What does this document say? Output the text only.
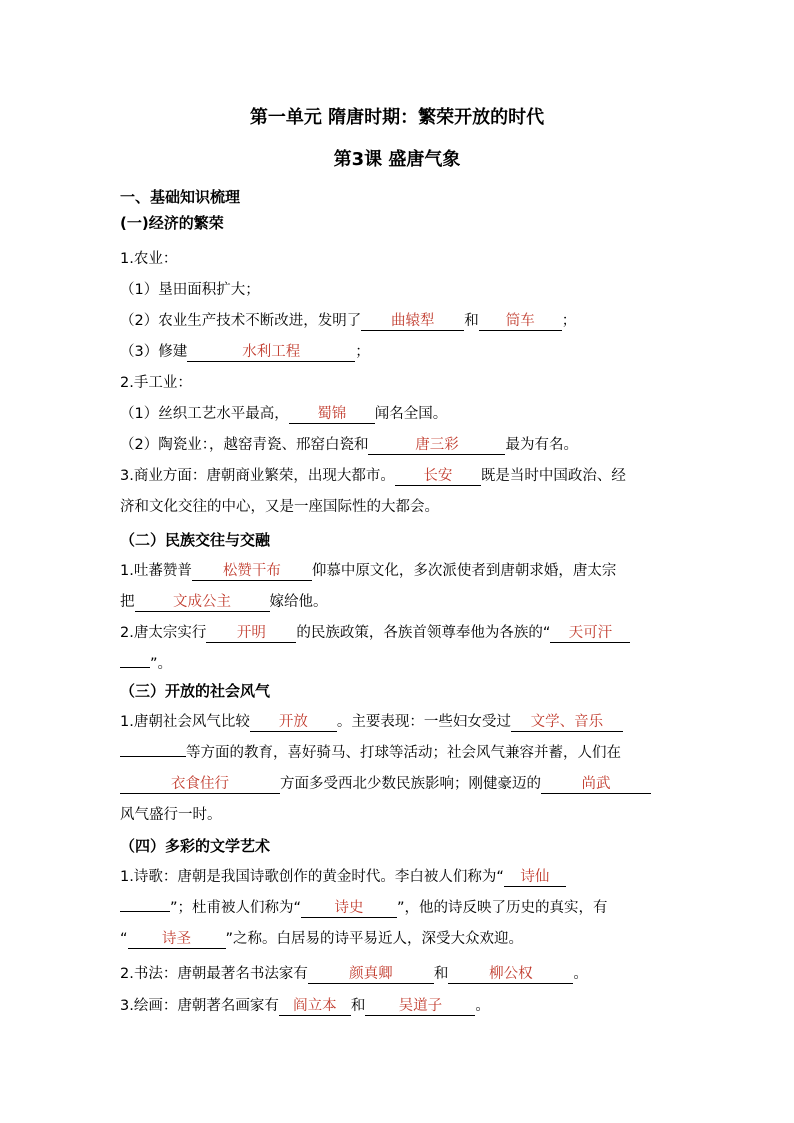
第一单元 隋唐时期：繁荣开放的时代
第3课 盛唐气象
一、基础知识梳理
(一)经济的繁荣
1.农业：
（1）垦田面积扩大；
（2）农业生产技术不断改进，发明了 曲辕犁 和 筒车 ；
（3）修建	水利工程	；
2.手工业：
（1）丝织工艺水平最高， 蜀锦 闻名全国。
（2）陶瓷业：，越窑青瓷、邢窑白瓷和	唐三彩	最为有名。
3.商业方面：唐朝商业繁荣，出现大都市。 长安 既是当时中国政治、经
济和文化交往的中心，又是一座国际性的大都会。
（二）民族交往与交融
1.吐蕃赞普 松赞干布 仰慕中原文化，多次派使者到唐朝求婚，唐太宗
把	文成公主	嫁给他。
2.唐太宗实行 开明 的民族政策，各族首领尊奉他为各族的“ 天可汗
”。
（三）开放的社会风气
1.唐朝社会风气比较 开放 。主要表现：一些妇女受过 文学、音乐
等方面的教育，喜好骑马、打球等活动；社会风气兼容并蓄，人们在
衣食住行	方面多受西北少数民族影响；刚健豪迈的	尚武
风气盛行一时。
（四）多彩的文学艺术
1.诗歌：唐朝是我国诗歌创作的黄金时代。李白被人们称为“ 诗仙
”；杜甫被人们称为“ 诗史 ”，他的诗反映了历史的真实，有
“ 诗圣 ”之称。白居易的诗平易近人，深受大众欢迎。
2.书法：唐朝最著名书法家有	颜真卿	和	柳公权	。
3.绘画：唐朝著名画家有 阎立本 和 吴道子 。
